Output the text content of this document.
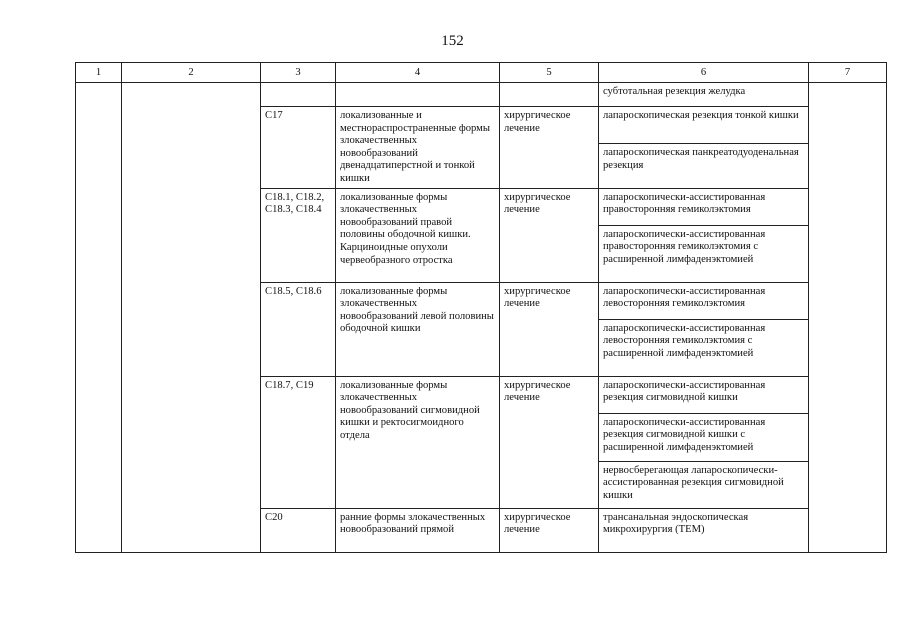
152
1	2	3	4	5	6	7
					субтотальная резекция желудка	
		C17	локализованные и местнораспространенные формы злокачественных новообразований двенадцатиперстной и тонкой кишки	хирургическое лечение	лапароскопическая резекция тонкой кишки	
					лапароскопическая панкреатодуоденальная резекция	
		C18.1, C18.2, C18.3, C18.4	локализованные формы злокачественных новообразований правой половины ободочной кишки. Карциноидные опухоли червеобразного отростка	хирургическое лечение	лапароскопически-ассистированная правосторонняя гемиколэктомия	
					лапароскопически-ассистированная правосторонняя гемиколэктомия с расширенной лимфаденэктомией	
		C18.5, C18.6	локализованные формы злокачественных новообразований левой половины ободочной кишки	хирургическое лечение	лапароскопически-ассистированная левосторонняя гемиколэктомия	
					лапароскопически-ассистированная левосторонняя гемиколэктомия с расширенной лимфаденэктомией	
		C18.7, C19	локализованные формы злокачественных новообразований сигмовидной кишки и ректосигмоидного отдела	хирургическое лечение	лапароскопически-ассистированная резекция сигмовидной кишки	
					лапароскопически-ассистированная резекция сигмовидной кишки с расширенной лимфаденэктомией	
					нервосберегающая лапароскопически-ассистированная резекция сигмовидной кишки	
		C20	ранние формы злокачественных новообразований прямой	хирургическое лечение	трансанальная эндоскопическая микрохирургия (TEM)	
